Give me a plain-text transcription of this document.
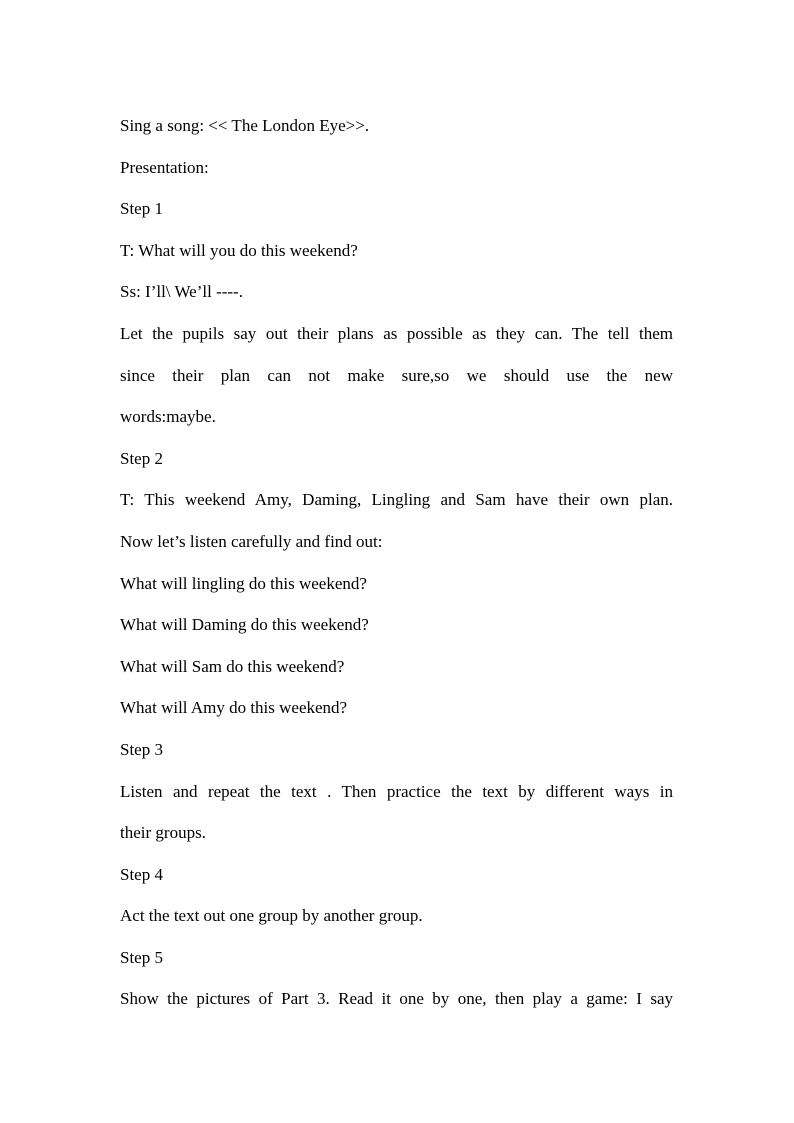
Sing a song: << The London Eye>>.
Presentation:
Step 1
T: What will you do this weekend?
Ss: I’ll\ We’ll ----.
Let the pupils say out their plans as possible as they can. The tell them
since their plan can not make sure,so we should use the new
words:maybe.
Step 2
T: This weekend Amy, Daming, Lingling and Sam have their own plan.
Now let’s listen carefully and find out:
What will lingling do this weekend?
What will Daming do this weekend?
What will Sam do this weekend?
What will Amy do this weekend?
Step 3
Listen and repeat the text . Then practice the text by different ways in
their groups.
Step 4
Act the text out one group by another group.
Step 5
Show the pictures of Part 3. Read it one by one, then play a game: I say
